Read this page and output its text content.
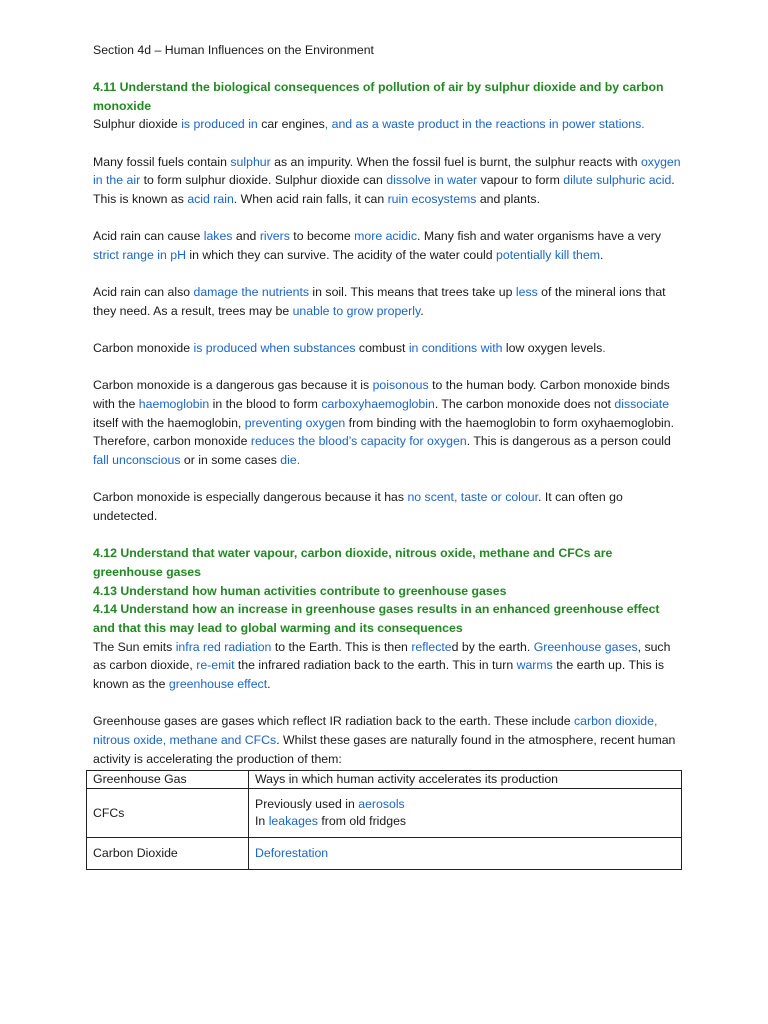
Section 4d – Human Influences on the Environment
4.11 Understand the biological consequences of pollution of air by sulphur dioxide and by carbon monoxide

Sulphur dioxide is produced in car engines, and as a waste product in the reactions in power stations.

Many fossil fuels contain sulphur as an impurity. When the fossil fuel is burnt, the sulphur reacts with oxygen in the air to form sulphur dioxide. Sulphur dioxide can dissolve in water vapour to form dilute sulphuric acid. This is known as acid rain. When acid rain falls, it can ruin ecosystems and plants.

Acid rain can cause lakes and rivers to become more acidic. Many fish and water organisms have a very strict range in pH in which they can survive. The acidity of the water could potentially kill them.

Acid rain can also damage the nutrients in soil. This means that trees take up less of the mineral ions that they need. As a result, trees may be unable to grow properly.

Carbon monoxide is produced when substances combust in conditions with low oxygen levels.

Carbon monoxide is a dangerous gas because it is poisonous to the human body. Carbon monoxide binds with the haemoglobin in the blood to form carboxyhaemoglobin. The carbon monoxide does not dissociate itself with the haemoglobin, preventing oxygen from binding with the haemoglobin to form oxyhaemoglobin. Therefore, carbon monoxide reduces the blood’s capacity for oxygen. This is dangerous as a person could fall unconscious or in some cases die.

Carbon monoxide is especially dangerous because it has no scent, taste or colour. It can often go undetected.

4.12 Understand that water vapour, carbon dioxide, nitrous oxide, methane and CFCs are greenhouse gases
4.13 Understand how human activities contribute to greenhouse gases
4.14 Understand how an increase in greenhouse gases results in an enhanced greenhouse effect and that this may lead to global warming and its consequences

The Sun emits infra red radiation to the Earth. This is then reflected by the earth. Greenhouse gases, such as carbon dioxide, re-emit the infrared radiation back to the earth. This in turn warms the earth up. This is known as the greenhouse effect.

Greenhouse gases are gases which reflect IR radiation back to the earth. These include carbon dioxide, nitrous oxide, methane and CFCs. Whilst these gases are naturally found in the atmosphere, recent human activity is accelerating the production of them:

Greenhouse Gas	Ways in which human activity accelerates its production
CFCs	Previously used in aerosols
In leakages from old fridges
Carbon Dioxide	Deforestation
